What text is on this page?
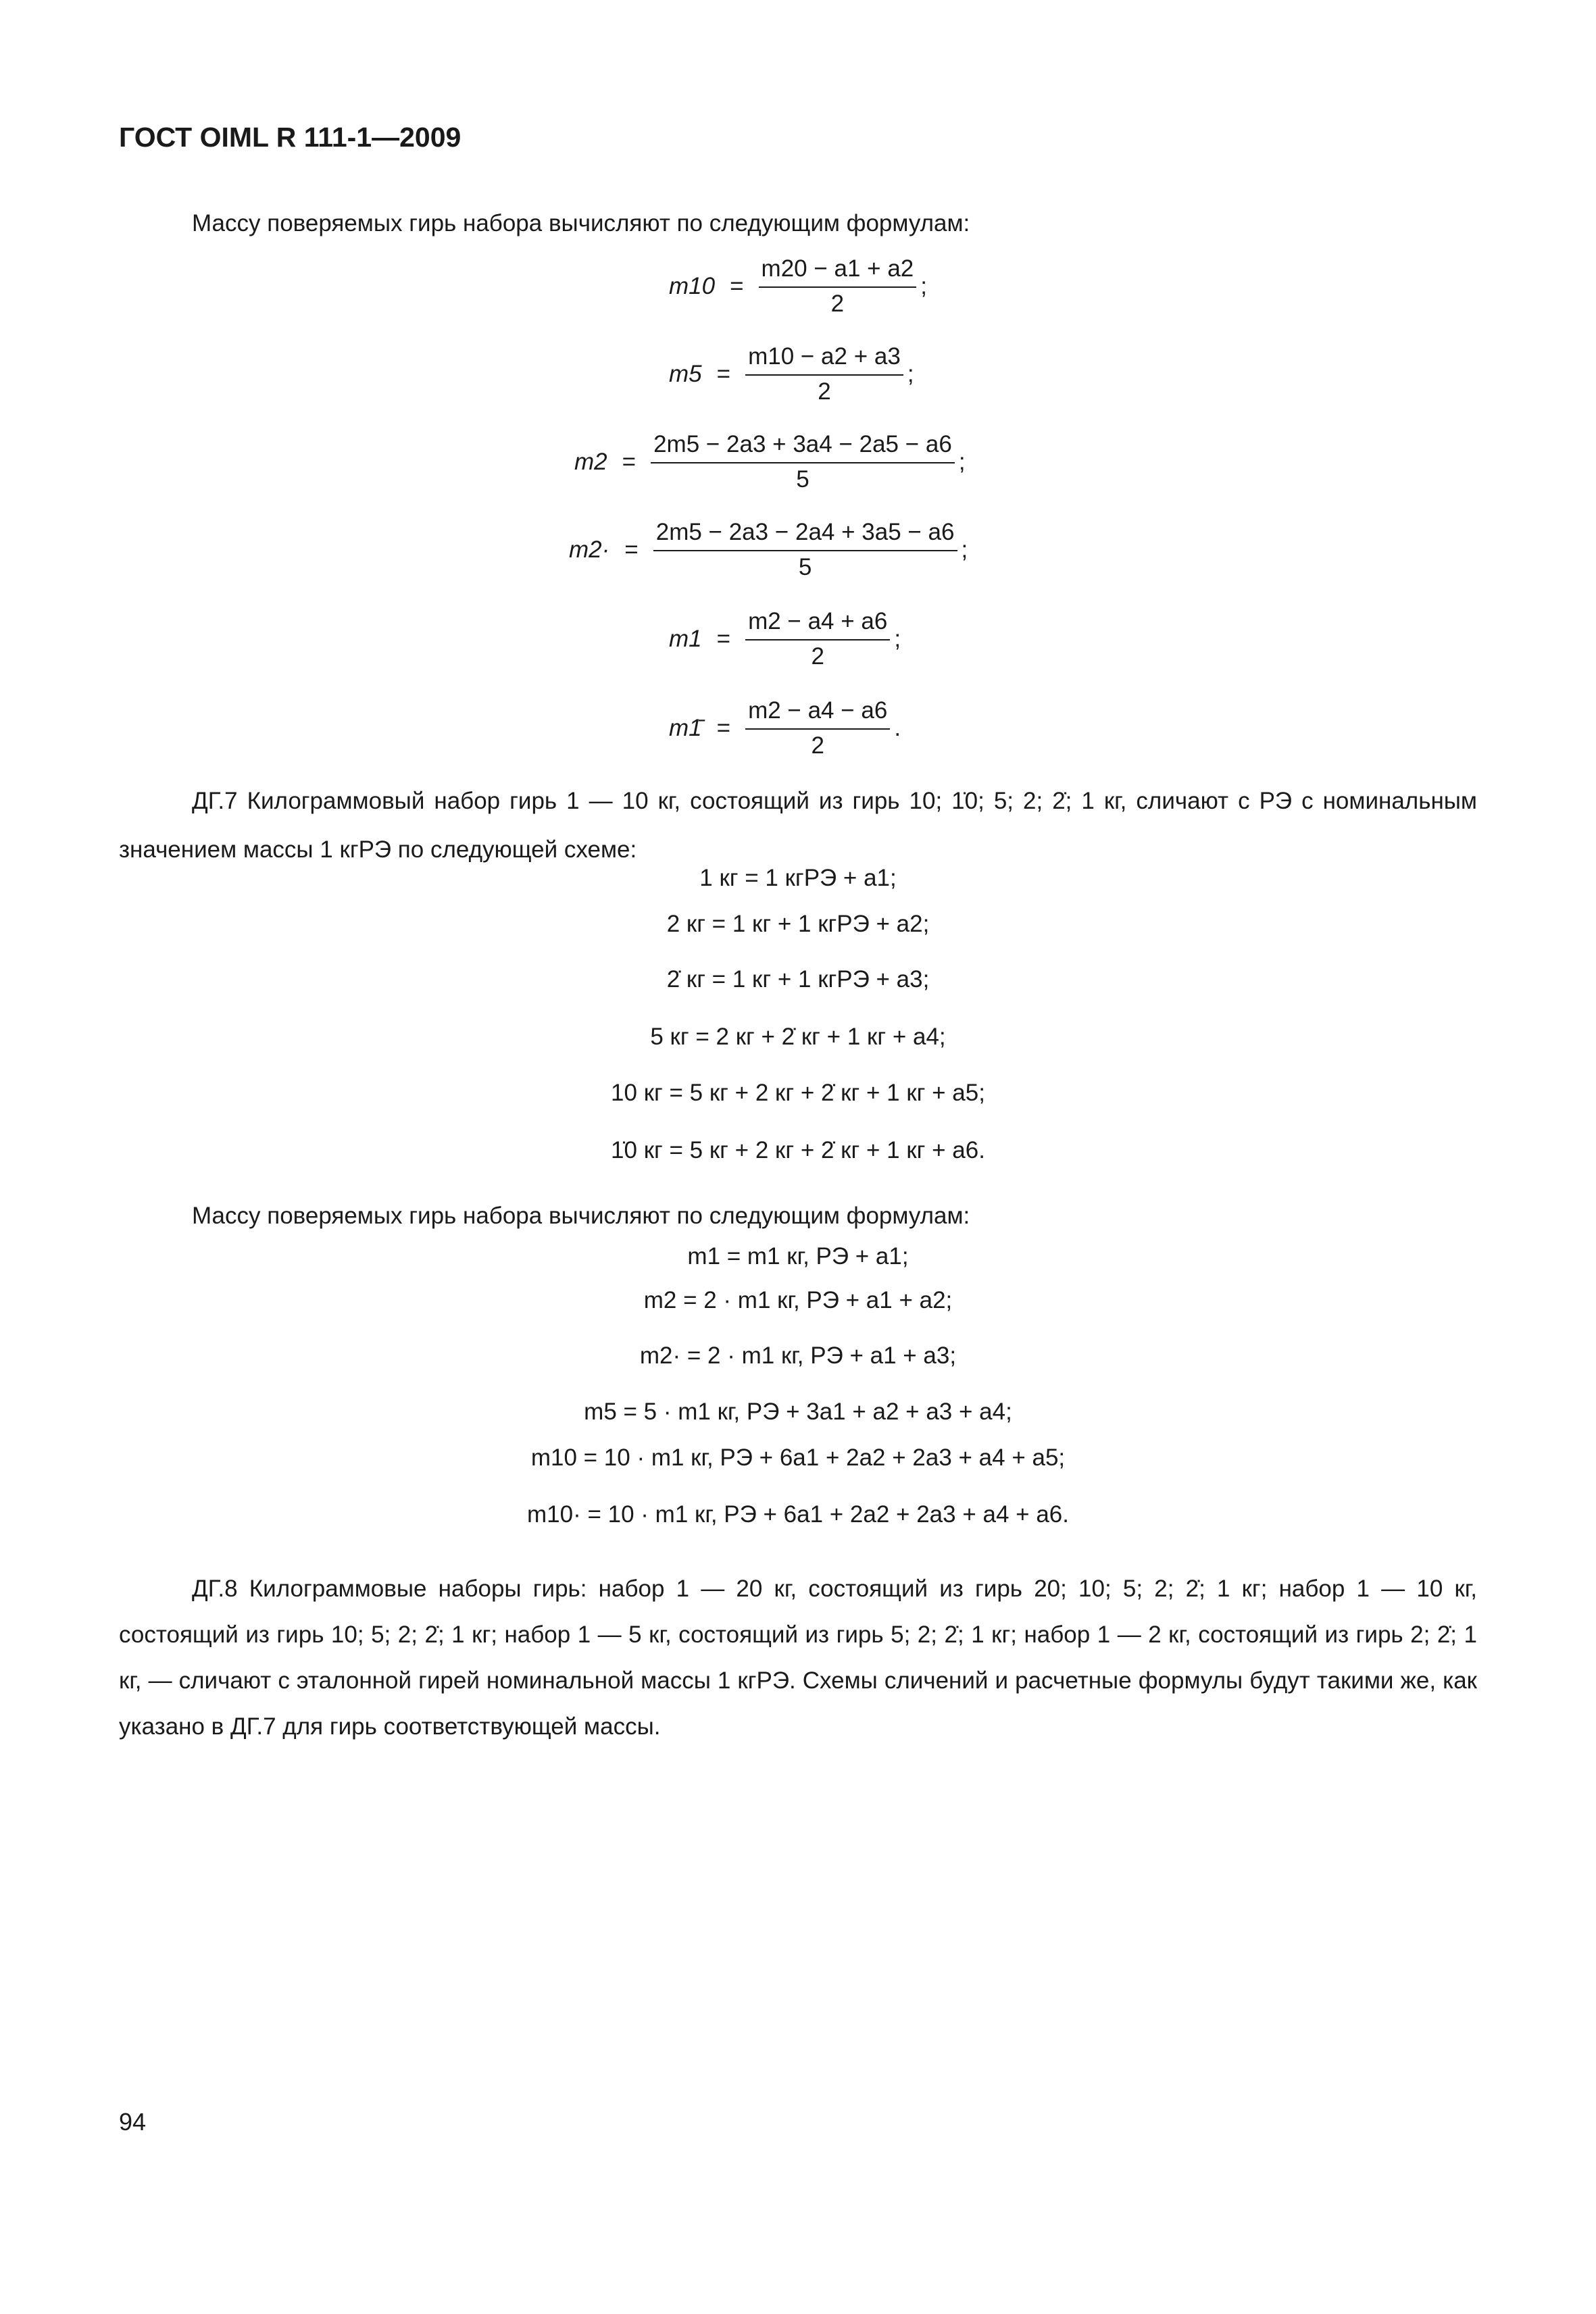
ГОСТ OIML R 111-1—2009
Массу поверяемых гирь набора вычисляют по следующим формулам:
$m10 = \frac{m20 - a1 + a2}{2}$ ;
$m5 = \frac{m10 - a2 + a3}{2}$ ;
$m2 = \frac{2m5 - 2a3 + 3a4 - 2a5 - a6}{5}$ ;
$m2\cdot = \frac{2m5 - 2a3 - 2a4 + 3a5 - a6}{5}$ ;
$m1 = \frac{m2 - a4 + a6}{2}$ ;
m1̄ = $\frac{m2 - a4 - a6}{2}$ .
ДГ.7 Килограммовый набор гирь 1 — 10 кг, состоящий из гирь 10; 1̇0; 5; 2; 2̇; 1 кг, сличают с РЭ с номинальным значением массы 1 кгРЭ по следующей схеме:
1 кг = 1 кгРЭ + a1;
2 кг = 1 кг + 1 кгРЭ + a2;
2̇ кг = 1 кг + 1 кгРЭ + a3;
5 кг = 2 кг + 2̇ кг + 1 кг + a4;
10 кг = 5 кг + 2 кг + 2̇ кг + 1 кг + a5;
1̇0 кг = 5 кг + 2 кг + 2̇ кг + 1 кг + a6.
Массу поверяемых гирь набора вычисляют по следующим формулам:
m1 = m1 кг, РЭ + a1;
m2 = 2 · m1 кг, РЭ + a1 + a2;
m2· = 2 · m1 кг, РЭ + a1 + a3;
m5 = 5 · m1 кг, РЭ + 3a1 + a2 + a3 + a4;
m10 = 10 · m1 кг, РЭ + 6a1 + 2a2 + 2a3 + a4 + a5;
m10· = 10 · m1 кг, РЭ + 6a1 + 2a2 + 2a3 + a4 + a6.
ДГ.8 Килограммовые наборы гирь: набор 1 — 20 кг, состоящий из гирь 20; 10; 5; 2; 2̇; 1 кг; набор 1 — 10 кг, состоящий из гирь 10; 5; 2; 2̇; 1 кг; набор 1 — 5 кг, состоящий из гирь 5; 2; 2̇; 1 кг; набор 1 — 2 кг, состоящий из гирь 2; 2̇; 1 кг, — сличают с эталонной гирей номинальной массы 1 кгРЭ. Схемы сличений и расчетные формулы будут такими же, как указано в ДГ.7 для гирь соответствующей массы.
94
